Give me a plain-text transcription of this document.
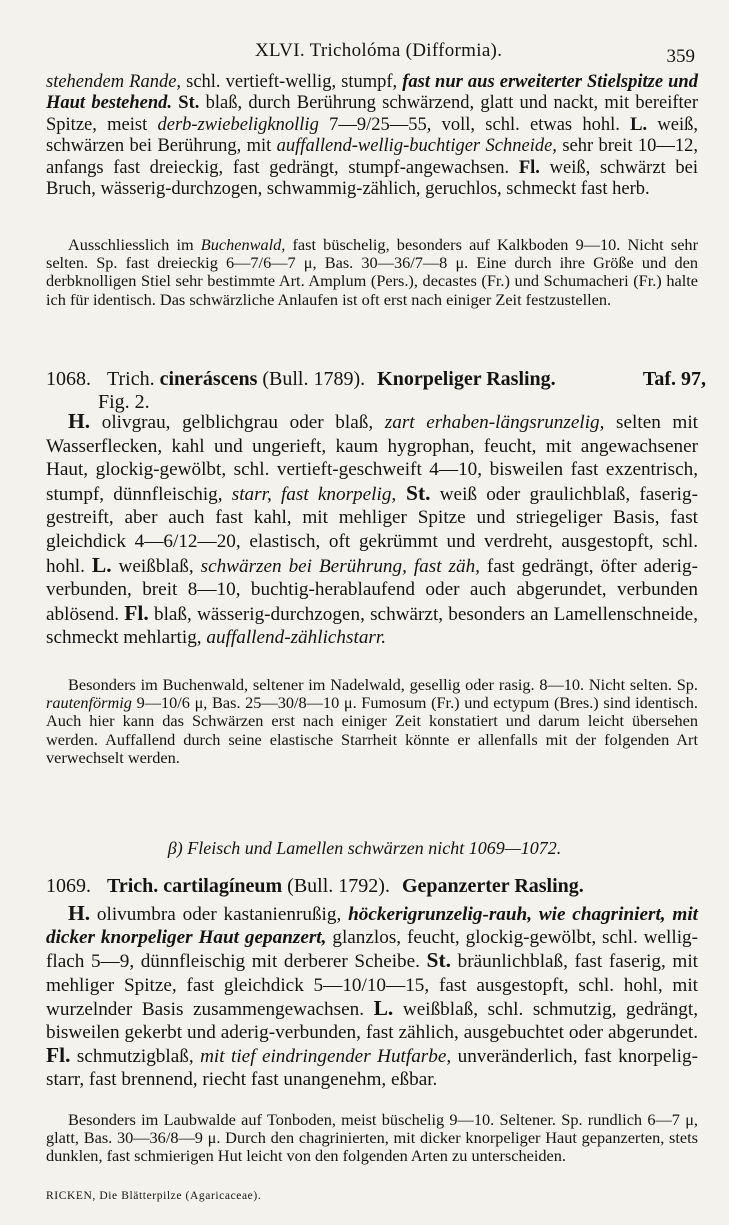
XLVI. Tricholóma (Difformia).	359

stehendem Rande, schl. vertieft-wellig, stumpf, fast nur aus erweiterter Stielspitze und Haut bestehend. St. blaß, durch Berührung schwärzend, glatt und nackt, mit bereifter Spitze, meist derb-zwiebeligknollig 7—9/25—55, voll, schl. etwas hohl. L. weiß, schwärzen bei Berührung, mit auffallend-wellig-buchtiger Schneide, sehr breit 10—12, anfangs fast dreieckig, fast gedrängt, stumpf-angewachsen. Fl. weiß, schwärzt bei Bruch, wässerig-durchzogen, schwammig-zählich, geruchlos, schmeckt fast herb.

Ausschliesslich im Buchenwald, fast büschelig, besonders auf Kalkboden 9—10. Nicht sehr selten. Sp. fast dreieckig 6—7/6—7 μ, Bas. 30—36/7—8 μ. Eine durch ihre Größe und den derbknolligen Stiel sehr bestimmte Art. Amplum (Pers.), decastes (Fr.) und Schumacheri (Fr.) halte ich für identisch. Das schwärzliche Anlaufen ist oft erst nach einiger Zeit festzustellen.

1068. Trich. cineráscens (Bull. 1789). Knorpeliger Rasling.	Taf. 97,
Fig. 2.

H. olivgrau, gelblichgrau oder blaß, zart erhaben-längsrunzelig, selten mit Wasserflecken, kahl und ungerieft, kaum hygrophan, feucht, mit angewachsener Haut, glockig-gewölbt, schl. vertieft-geschweift 4—10, bisweilen fast exzentrisch, stumpf, dünnfleischig, starr, fast knorpelig, St. weiß oder graulichblaß, faserig-gestreift, aber auch fast kahl, mit mehliger Spitze und striegeliger Basis, fast gleichdick 4—6/12—20, elastisch, oft gekrümmt und verdreht, ausgestopft, schl. hohl. L. weißblaß, schwärzen bei Berührung, fast zäh, fast gedrängt, öfter aderig-verbunden, breit 8—10, buchtig-herablaufend oder auch abgerundet, verbunden ablösend. Fl. blaß, wässerig-durchzogen, schwärzt, besonders an Lamellenschneide, schmeckt mehlartig, auffallend-zählichstarr.

Besonders im Buchenwald, seltener im Nadelwald, gesellig oder rasig. 8—10. Nicht selten. Sp. rautenförmig 9—10/6 μ, Bas. 25—30/8—10 μ. Fumosum (Fr.) und ectypum (Bres.) sind identisch. Auch hier kann das Schwärzen erst nach einiger Zeit konstatiert und darum leicht übersehen werden. Auffallend durch seine elastische Starrheit könnte er allenfalls mit der folgenden Art verwechselt werden.

β) Fleisch und Lamellen schwärzen nicht 1069—1072.
1069. Trich. cartilagíneum (Bull. 1792). Gepanzerter Rasling.

H. olivumbra oder kastanienrußig, höckerigrunzelig-rauh, wie chagriniert, mit dicker knorpeliger Haut gepanzert, glanzlos, feucht, glockig-gewölbt, schl. wellig-flach 5—9, dünnfleischig mit derberer Scheibe. St. bräunlichblaß, fast faserig, mit mehliger Spitze, fast gleichdick 5—10/10—15, fast ausgestopft, schl. hohl, mit wurzelnder Basis zusammengewachsen. L. weißblaß, schl. schmutzig, gedrängt, bisweilen gekerbt und aderig-verbunden, fast zählich, ausgebuchtet oder abgerundet. Fl. schmutzigblaß, mit tief eindringender Hutfarbe, unveränderlich, fast knorpelig-starr, fast brennend, riecht fast unangenehm, eßbar.

Besonders im Laubwalde auf Tonboden, meist büschelig 9—10. Seltener. Sp. rundlich 6—7 μ, glatt, Bas. 30—36/8—9 μ. Durch den chagrinierten, mit dicker knorpeliger Haut gepanzerten, stets dunklen, fast schmierigen Hut leicht von den folgenden Arten zu unterscheiden.

RICKEN, Die Blätterpilze (Agaricaceae).
